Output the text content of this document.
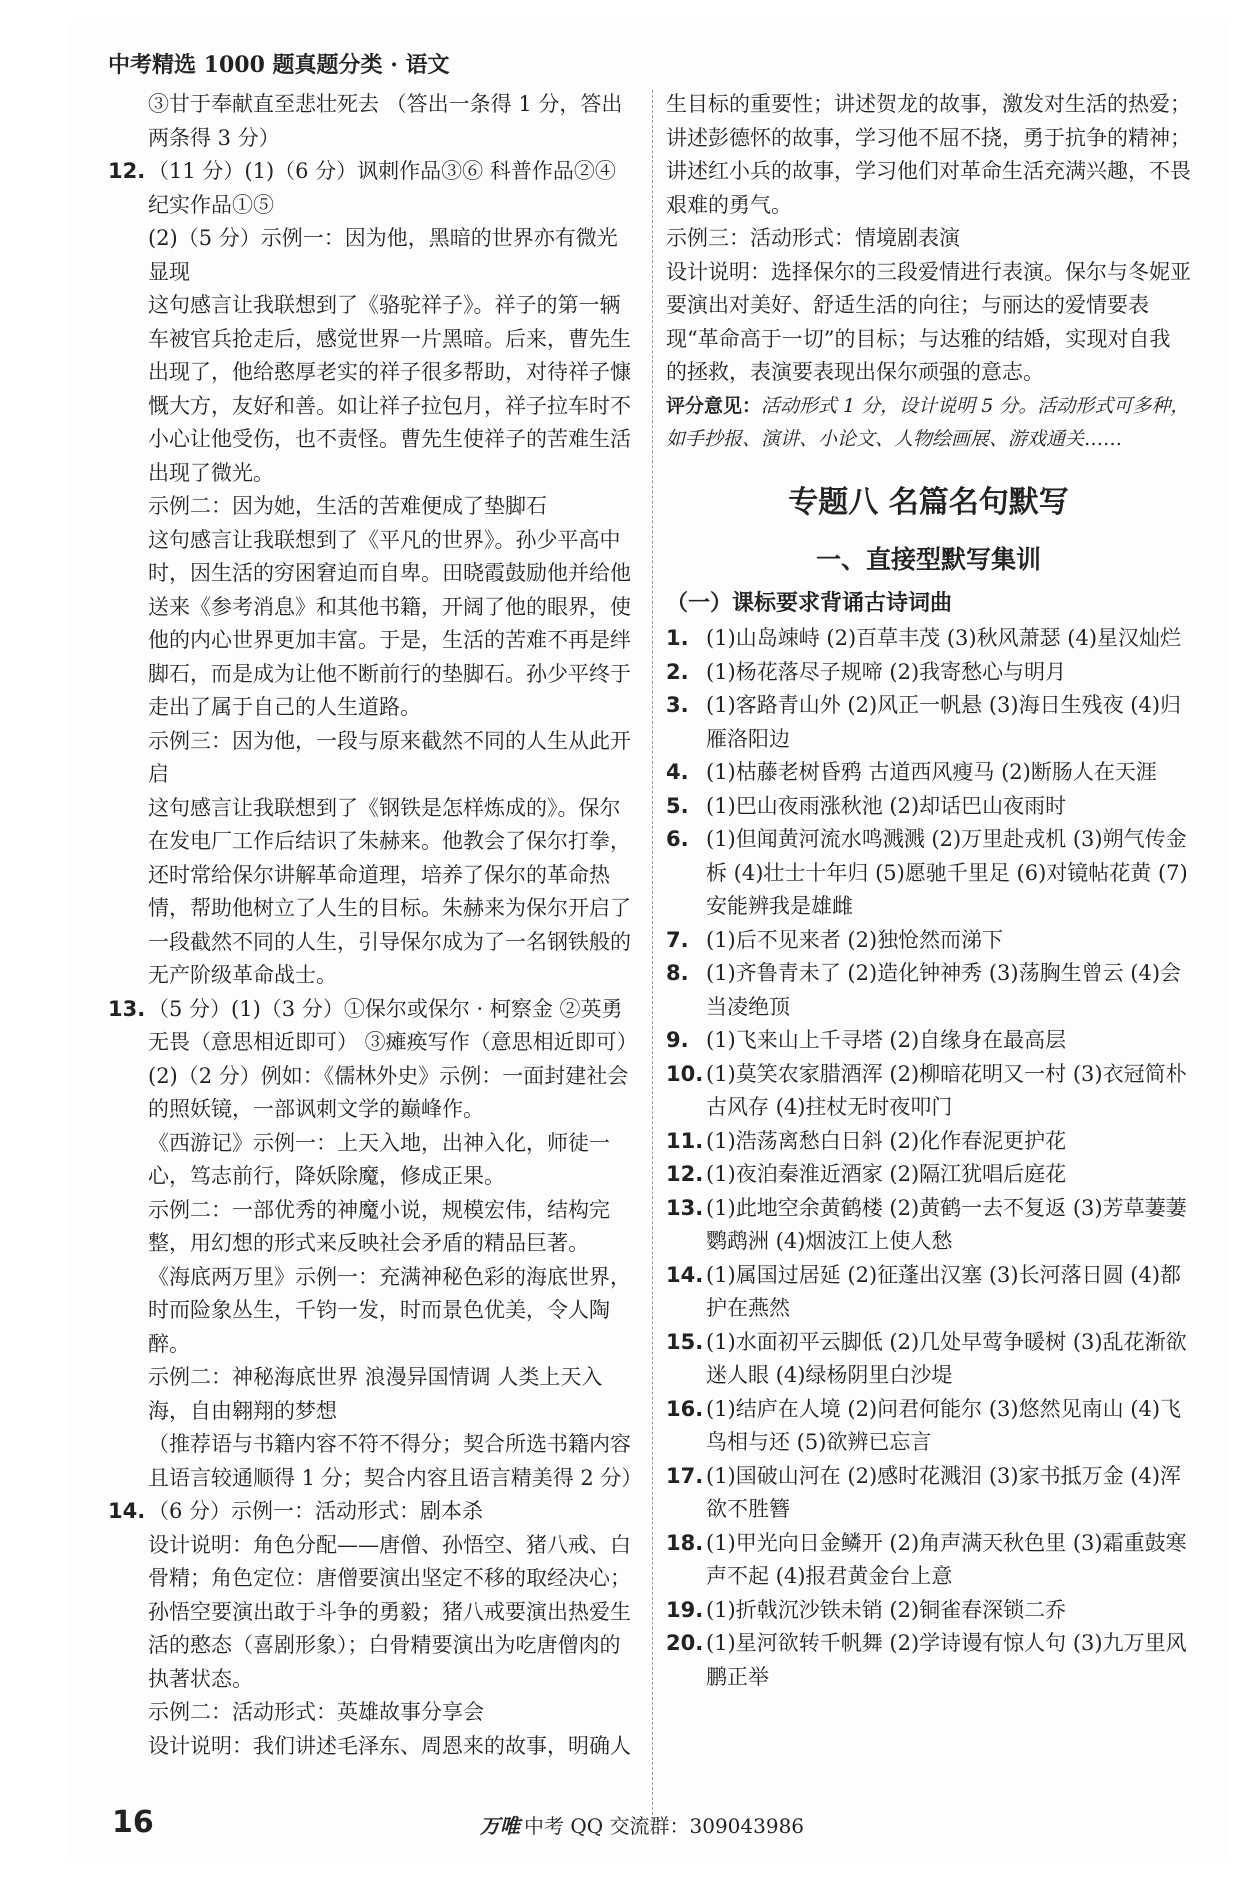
中考精选 1000 题真题分类 · 语文

③甘于奉献直至悲壮死去 （答出一条得 1 分，答出两条得 3 分）

12. （11 分）(1)（6 分）讽刺作品③⑥ 科普作品②④ 纪实作品①⑤

(2)（5 分）示例一：因为他，黑暗的世界亦有微光显现

这句感言让我联想到了《骆驼祥子》。祥子的第一辆车被官兵抢走后，感觉世界一片黑暗。后来，曹先生出现了，他给憨厚老实的祥子很多帮助，对待祥子慷慨大方，友好和善。如让祥子拉包月，祥子拉车时不小心让他受伤，也不责怪。曹先生使祥子的苦难生活出现了微光。

示例二：因为她，生活的苦难便成了垫脚石

这句感言让我联想到了《平凡的世界》。孙少平高中时，因生活的穷困窘迫而自卑。田晓霞鼓励他并给他送来《参考消息》和其他书籍，开阔了他的眼界，使他的内心世界更加丰富。于是，生活的苦难不再是绊脚石，而是成为让他不断前行的垫脚石。孙少平终于走出了属于自己的人生道路。

示例三：因为他，一段与原来截然不同的人生从此开启

这句感言让我联想到了《钢铁是怎样炼成的》。保尔在发电厂工作后结识了朱赫来。他教会了保尔打拳，还时常给保尔讲解革命道理，培养了保尔的革命热情，帮助他树立了人生的目标。朱赫来为保尔开启了一段截然不同的人生，引导保尔成为了一名钢铁般的无产阶级革命战士。

13. （5 分）(1)（3 分）①保尔或保尔 · 柯察金 ②英勇无畏（意思相近即可） ③瘫痪写作（意思相近即可）

(2)（2 分）例如：《儒林外史》示例：一面封建社会的照妖镜，一部讽刺文学的巅峰作。

《西游记》示例一：上天入地，出神入化，师徒一心，笃志前行，降妖除魔，修成正果。

示例二：一部优秀的神魔小说，规模宏伟，结构完整，用幻想的形式来反映社会矛盾的精品巨著。

《海底两万里》示例一：充满神秘色彩的海底世界，时而险象丛生，千钧一发，时而景色优美，令人陶醉。

示例二：神秘海底世界 浪漫异国情调 人类上天入海，自由翱翔的梦想

（推荐语与书籍内容不符不得分；契合所选书籍内容且语言较通顺得 1 分；契合内容且语言精美得 2 分）

14. （6 分）示例一：活动形式：剧本杀

设计说明：角色分配——唐僧、孙悟空、猪八戒、白骨精；角色定位：唐僧要演出坚定不移的取经决心；孙悟空要演出敢于斗争的勇毅；猪八戒要演出热爱生活的憨态（喜剧形象）；白骨精要演出为吃唐僧肉的执著状态。

示例二：活动形式：英雄故事分享会

设计说明：我们讲述毛泽东、周恩来的故事，明确人

生目标的重要性；讲述贺龙的故事，激发对生活的热爱；讲述彭德怀的故事，学习他不屈不挠，勇于抗争的精神；讲述红小兵的故事，学习他们对革命生活充满兴趣，不畏艰难的勇气。

示例三：活动形式：情境剧表演

设计说明：选择保尔的三段爱情进行表演。保尔与冬妮亚要演出对美好、舒适生活的向往；与丽达的爱情要表现“革命高于一切”的目标；与达雅的结婚，实现对自我的拯救，表演要表现出保尔顽强的意志。

评分意见：活动形式 1 分，设计说明 5 分。活动形式可多种，如手抄报、演讲、小论文、人物绘画展、游戏通关……

专题八 名篇名句默写
一、直接型默写集训

（一）课标要求背诵古诗词曲

1. (1)山岛竦峙 (2)百草丰茂 (3)秋风萧瑟 (4)星汉灿烂

2. (1)杨花落尽子规啼 (2)我寄愁心与明月

3. (1)客路青山外 (2)风正一帆悬 (3)海日生残夜 (4)归雁洛阳边

4. (1)枯藤老树昏鸦 古道西风瘦马 (2)断肠人在天涯

5. (1)巴山夜雨涨秋池 (2)却话巴山夜雨时

6. (1)但闻黄河流水鸣溅溅 (2)万里赴戎机 (3)朔气传金柝 (4)壮士十年归 (5)愿驰千里足 (6)对镜帖花黄 (7)安能辨我是雄雌

7. (1)后不见来者 (2)独怆然而涕下

8. (1)齐鲁青未了 (2)造化钟神秀 (3)荡胸生曾云 (4)会当凌绝顶

9. (1)飞来山上千寻塔 (2)自缘身在最高层

10. (1)莫笑农家腊酒浑 (2)柳暗花明又一村 (3)衣冠简朴古风存 (4)拄杖无时夜叩门

11. (1)浩荡离愁白日斜 (2)化作春泥更护花

12. (1)夜泊秦淮近酒家 (2)隔江犹唱后庭花

13. (1)此地空余黄鹤楼 (2)黄鹤一去不复返 (3)芳草萋萋鹦鹉洲 (4)烟波江上使人愁

14. (1)属国过居延 (2)征蓬出汉塞 (3)长河落日圆 (4)都护在燕然

15. (1)水面初平云脚低 (2)几处早莺争暖树 (3)乱花渐欲迷人眼 (4)绿杨阴里白沙堤

16. (1)结庐在人境 (2)问君何能尔 (3)悠然见南山 (4)飞鸟相与还 (5)欲辨已忘言

17. (1)国破山河在 (2)感时花溅泪 (3)家书抵万金 (4)浑欲不胜簪

18. (1)甲光向日金鳞开 (2)角声满天秋色里 (3)霜重鼓寒声不起 (4)报君黄金台上意

19. (1)折戟沉沙铁未销 (2)铜雀春深锁二乔

20. (1)星河欲转千帆舞 (2)学诗谩有惊人句 (3)九万里风鹏正举

16	万唯 中考 QQ 交流群：309043986
